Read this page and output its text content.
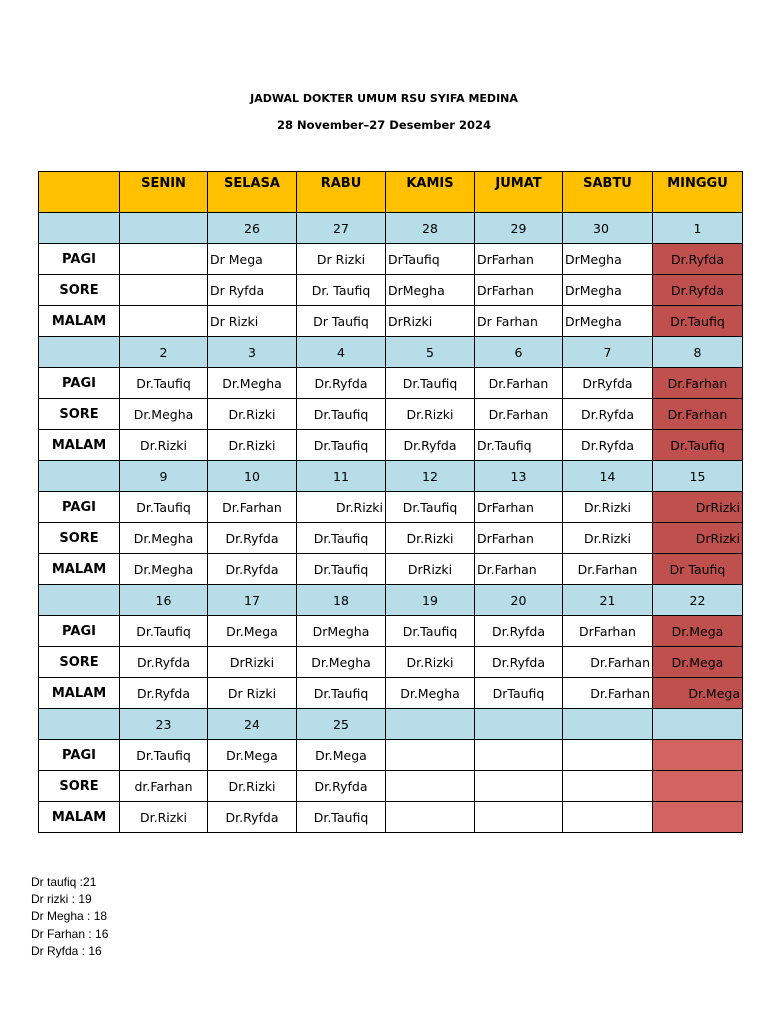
JADWAL DOKTER UMUM RSU SYIFA MEDINA
28 November–27 Desember 2024
	SENIN	SELASA	RABU	KAMIS	JUMAT	SABTU	MINGGU
		26	27	28	29	30	1
PAGI		Dr Mega	Dr Rizki	DrTaufiq	DrFarhan	DrMegha	Dr.Ryfda
SORE		Dr Ryfda	Dr. Taufiq	DrMegha	DrFarhan	DrMegha	Dr.Ryfda
MALAM		Dr Rizki	Dr Taufiq	DrRizki	Dr Farhan	DrMegha	Dr.Taufiq
	2	3	4	5	6	7	8
PAGI	Dr.Taufiq	Dr.Megha	Dr.Ryfda	Dr.Taufiq	Dr.Farhan	DrRyfda	Dr.Farhan
SORE	Dr.Megha	Dr.Rizki	Dr.Taufiq	Dr.Rizki	Dr.Farhan	Dr.Ryfda	Dr.Farhan
MALAM	Dr.Rizki	Dr.Rizki	Dr.Taufiq	Dr.Ryfda	Dr.Taufiq	Dr.Ryfda	Dr.Taufiq
	9	10	11	12	13	14	15
PAGI	Dr.Taufiq	Dr.Farhan	Dr.Rizki	Dr.Taufiq	DrFarhan	Dr.Rizki	DrRizki
SORE	Dr.Megha	Dr.Ryfda	Dr.Taufiq	Dr.Rizki	DrFarhan	Dr.Rizki	DrRizki
MALAM	Dr.Megha	Dr.Ryfda	Dr.Taufiq	DrRizki	Dr.Farhan	Dr.Farhan	Dr Taufiq
	16	17	18	19	20	21	22
PAGI	Dr.Taufiq	Dr.Mega	DrMegha	Dr.Taufiq	Dr.Ryfda	DrFarhan	Dr.Mega
SORE	Dr.Ryfda	DrRizki	Dr.Megha	Dr.Rizki	Dr.Ryfda	Dr.Farhan	Dr.Mega
MALAM	Dr.Ryfda	Dr Rizki	Dr.Taufiq	Dr.Megha	DrTaufiq	Dr.Farhan	Dr.Mega
	23	24	25				
PAGI	Dr.Taufiq	Dr.Mega	Dr.Mega				
SORE	dr.Farhan	Dr.Rizki	Dr.Ryfda				
MALAM	Dr.Rizki	Dr.Ryfda	Dr.Taufiq				
Dr taufiq :21
Dr rizki : 19
Dr Megha : 18
Dr Farhan : 16
Dr Ryfda : 16
